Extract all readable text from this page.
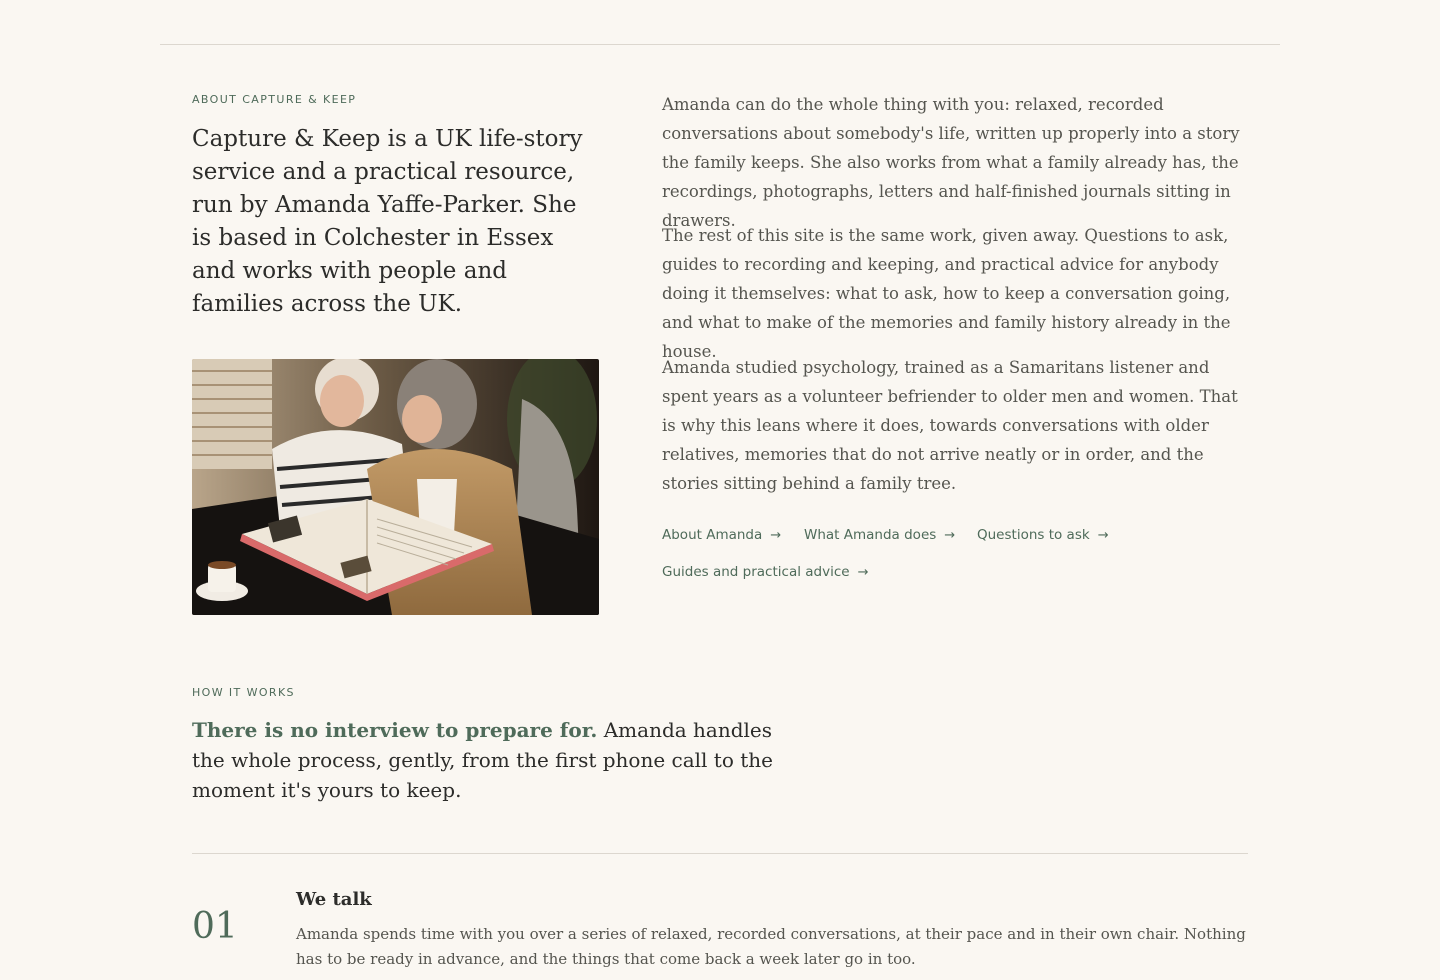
ABOUT CAPTURE & KEEP

Capture & Keep is a UK life-story service and a practical resource, run by Amanda Yaffe-Parker. She is based in Colchester in Essex and works with people and families across the UK.

Amanda can do the whole thing with you: relaxed, recorded conversations about somebody's life, written up properly into a story the family keeps. She also works from what a family already has, the recordings, photographs, letters and half-finished journals sitting in drawers.

The rest of this site is the same work, given away. Questions to ask, guides to recording and keeping, and practical advice for anybody doing it themselves: what to ask, how to keep a conversation going, and what to make of the memories and family history already in the house.

Amanda studied psychology, trained as a Samaritans listener and spent years as a volunteer befriender to older men and women. That is why this leans where it does, towards conversations with older relatives, memories that do not arrive neatly or in order, and the stories sitting behind a family tree.

About Amanda → What Amanda does → Questions to ask →
Guides and practical advice →
HOW IT WORKS

There is no interview to prepare for. Amanda handles the whole process, gently, from the first phone call to the moment it's yours to keep.

01
We talk

Amanda spends time with you over a series of relaxed, recorded conversations, at their pace and in their own chair. Nothing has to be ready in advance, and the things that come back a week later go in too.
